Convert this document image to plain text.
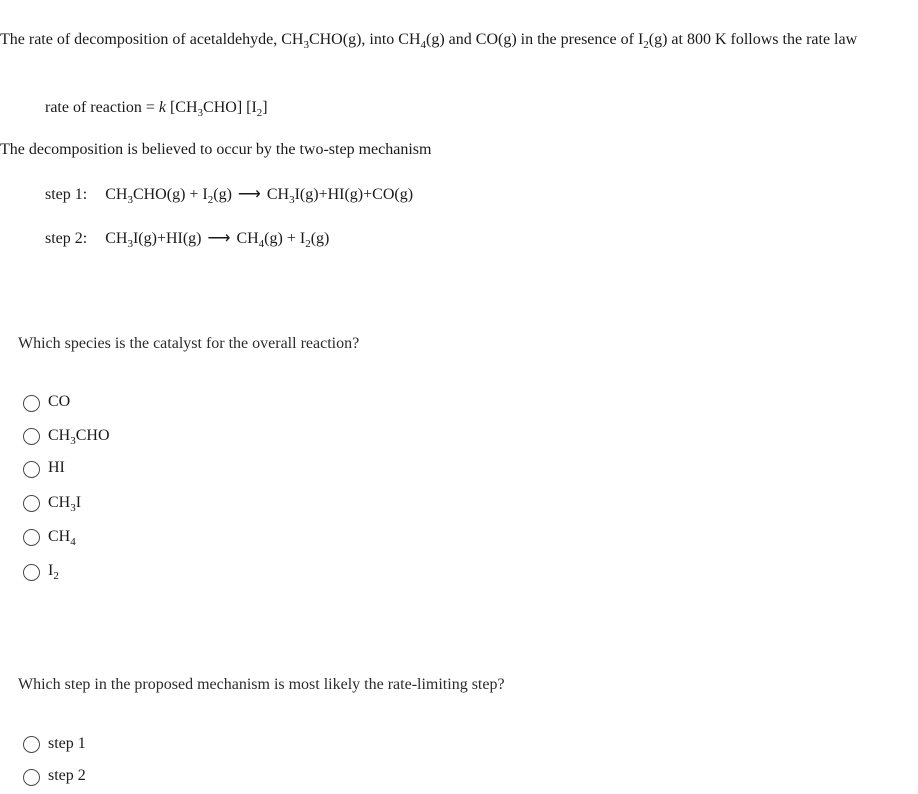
The rate of decomposition of acetaldehyde, $CH_3CHO(g)$, into $CH_4(g)$ and CO(g) in the presence of $I_2(g)$ at 800 K follows the rate law
rate of reaction = k $[CH_3CHO]$ $[I_2]$
The decomposition is believed to occur by the two-step mechanism
step 1: $CH_3CHO(g) + I_2(g)$ ⟶ $CH_3I(g)+HI(g)+CO(g)$
step 2: $CH_3I(g)+HI(g)$ ⟶ $CH_4(g) + I_2(g)$
Which species is the catalyst for the overall reaction?
CO
$CH_3CHO$
HI
$CH_3I$
$CH_4$
$I_2$
Which step in the proposed mechanism is most likely the rate-limiting step?
step 1
step 2
